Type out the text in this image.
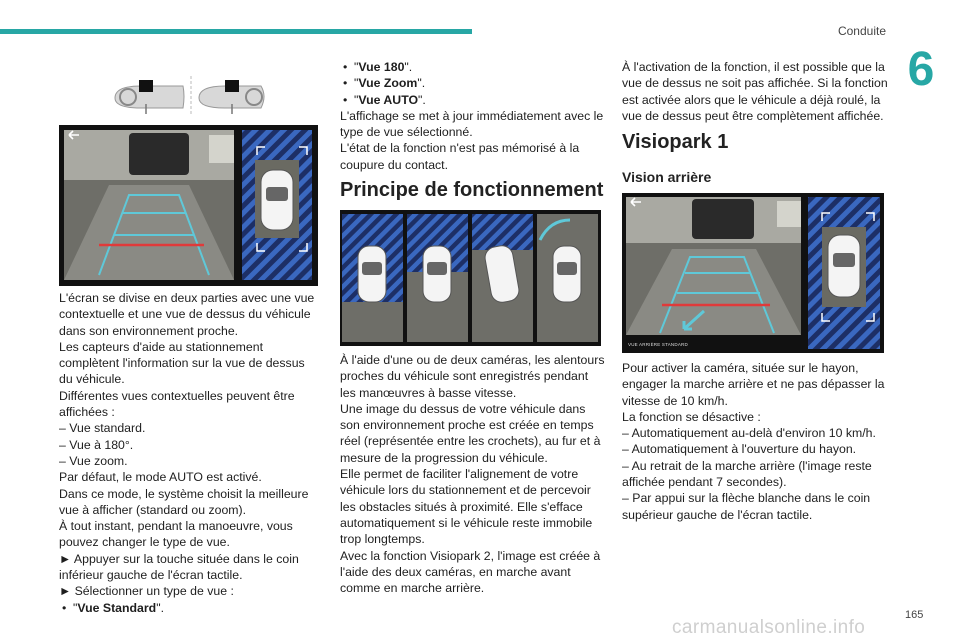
Conduite
6
165
carmanualsonline.info

L'écran se divise en deux parties avec une vue contextuelle et une vue de dessus du véhicule dans son environnement proche.

Les capteurs d'aide au stationnement complètent l'information sur la vue de dessus du véhicule.

Différentes vues contextuelles peuvent être affichées :

– Vue standard.

– Vue à 180°.

– Vue zoom.

Par défaut, le mode AUTO est activé.

Dans ce mode, le système choisit la meilleure vue à afficher (standard ou zoom).

À tout instant, pendant la manoeuvre, vous pouvez changer le type de vue.

► Appuyer sur la touche située dans le coin inférieur gauche de l'écran tactile.

► Sélectionner un type de vue :

• "Vue Standard".

• "Vue 180".

• "Vue Zoom".

• "Vue AUTO".

L'affichage se met à jour immédiatement avec le type de vue sélectionné.

L'état de la fonction n'est pas mémorisé à la coupure du contact.

Principe de fonctionnement

À l'aide d'une ou de deux caméras, les alentours proches du véhicule sont enregistrés pendant les manœuvres à basse vitesse.

Une image du dessus de votre véhicule dans son environnement proche est créée en temps réel (représentée entre les crochets), au fur et à mesure de la progression du véhicule.

Elle permet de faciliter l'alignement de votre véhicule lors du stationnement et de percevoir les obstacles situés à proximité. Elle s'efface automatiquement si le véhicule reste immobile trop longtemps.

Avec la fonction Visiopark 2, l'image est créée à l'aide des deux caméras, en marche avant comme en marche arrière.

À l'activation de la fonction, il est possible que la vue de dessus ne soit pas affichée. Si la fonction est activée alors que le véhicule a déjà roulé, la vue de dessus peut être complètement affichée.

Visiopark 1
Vision arrière
VUE ARRIÈRE STANDARD

Pour activer la caméra, située sur le hayon, engager la marche arrière et ne pas dépasser la vitesse de 10 km/h.

La fonction se désactive :

– Automatiquement au-delà d'environ 10 km/h.

– Automatiquement à l'ouverture du hayon.

– Au retrait de la marche arrière (l'image reste affichée pendant 7 secondes).

– Par appui sur la flèche blanche dans le coin supérieur gauche de l'écran tactile.
